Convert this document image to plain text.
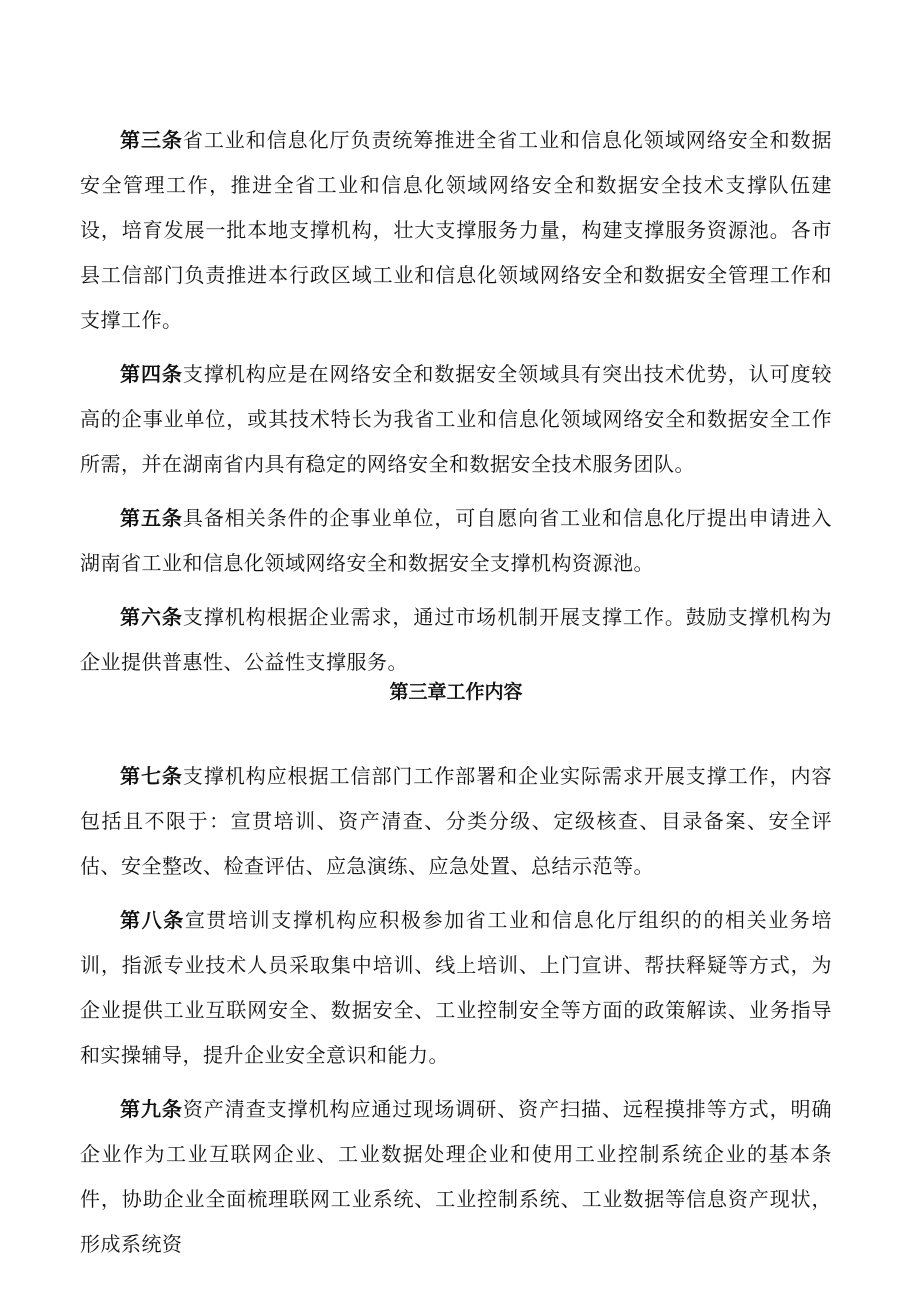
第三条省工业和信息化厅负责统筹推进全省工业和信息化领域网络安全和数据安全管理工作，推进全省工业和信息化领域网络安全和数据安全技术支撑队伍建设，培育发展一批本地支撑机构，壮大支撑服务力量，构建支撑服务资源池。各市县工信部门负责推进本行政区域工业和信息化领域网络安全和数据安全管理工作和支撑工作。

第四条支撑机构应是在网络安全和数据安全领域具有突出技术优势，认可度较高的企事业单位，或其技术特长为我省工业和信息化领域网络安全和数据安全工作所需，并在湖南省内具有稳定的网络安全和数据安全技术服务团队。

第五条具备相关条件的企事业单位，可自愿向省工业和信息化厅提出申请进入湖南省工业和信息化领域网络安全和数据安全支撑机构资源池。

第六条支撑机构根据企业需求，通过市场机制开展支撑工作。鼓励支撑机构为企业提供普惠性、公益性支撑服务。

第三章工作内容

第七条支撑机构应根据工信部门工作部署和企业实际需求开展支撑工作，内容包括且不限于：宣贯培训、资产清查、分类分级、定级核查、目录备案、安全评估、安全整改、检查评估、应急演练、应急处置、总结示范等。

第八条宣贯培训支撑机构应积极参加省工业和信息化厅组织的的相关业务培训，指派专业技术人员采取集中培训、线上培训、上门宣讲、帮扶释疑等方式，为企业提供工业互联网安全、数据安全、工业控制安全等方面的政策解读、业务指导和实操辅导，提升企业安全意识和能力。

第九条资产清查支撑机构应通过现场调研、资产扫描、远程摸排等方式，明确企业作为工业互联网企业、工业数据处理企业和使用工业控制系统企业的基本条件，协助企业全面梳理联网工业系统、工业控制系统、工业数据等信息资产现状，形成系统资
